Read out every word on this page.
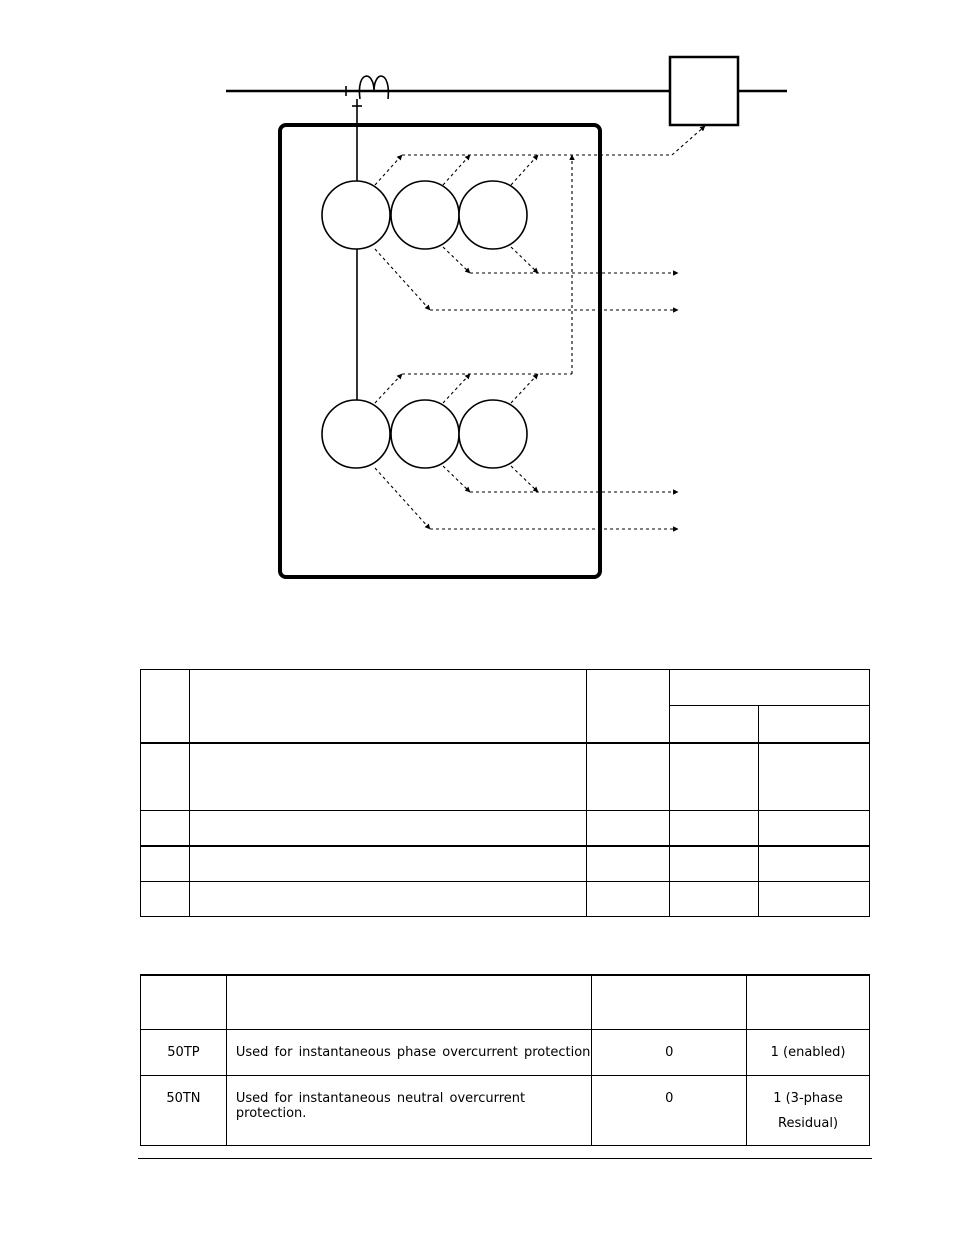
50TP	Used for instantaneous phase overcurrent protection	0	1 (enabled)
50TN	Used for instantaneous neutral overcurrent protection.	0	1 (3-phase
Residual)
